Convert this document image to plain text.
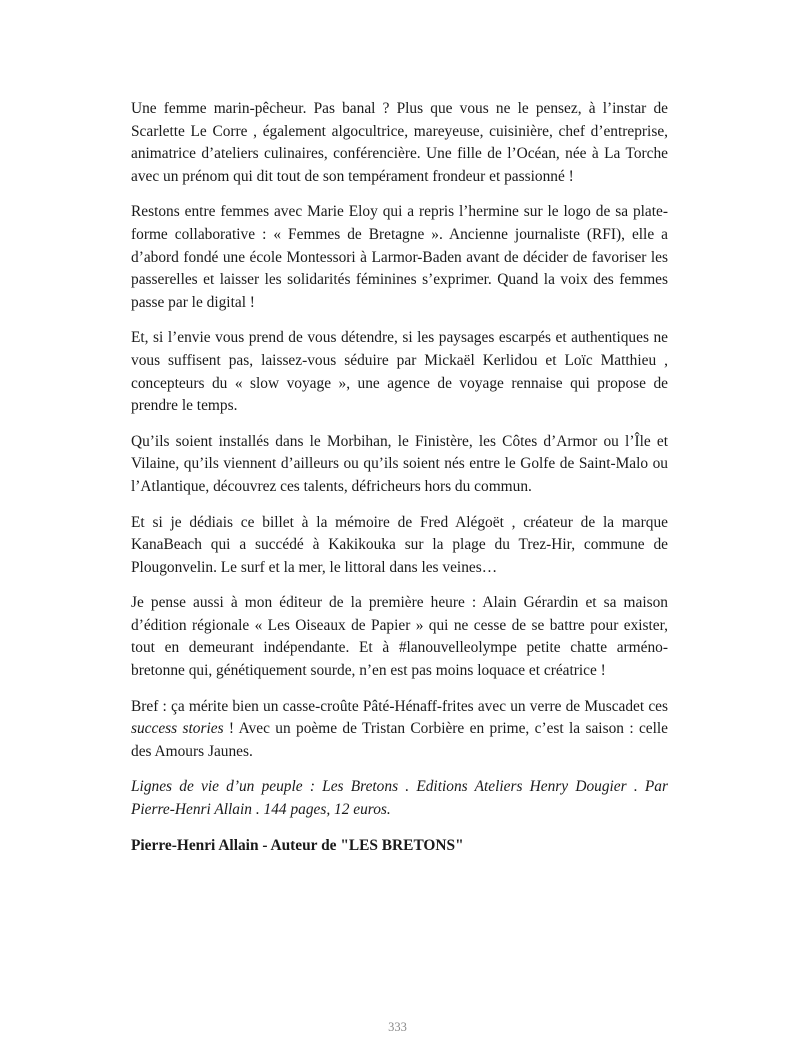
Une femme marin-pêcheur. Pas banal ? Plus que vous ne le pensez, à l’instar de Scarlette Le Corre , également algocultrice, mareyeuse, cuisinière, chef d’entreprise, animatrice d’ateliers culinaires, conférencière. Une fille de l’Océan, née à La Torche avec un prénom qui dit tout de son tempérament frondeur et passionné !

Restons entre femmes avec Marie Eloy qui a repris l’hermine sur le logo de sa plate-forme collaborative : « Femmes de Bretagne ». Ancienne journaliste (RFI), elle a d’abord fondé une école Montessori à Larmor-Baden avant de décider de favoriser les passerelles et laisser les solidarités féminines s’exprimer. Quand la voix des femmes passe par le digital !

Et, si l’envie vous prend de vous détendre, si les paysages escarpés et authentiques ne vous suffisent pas, laissez-vous séduire par Mickaël Kerlidou et Loïc Matthieu , concepteurs du « slow voyage », une agence de voyage rennaise qui propose de prendre le temps.

Qu’ils soient installés dans le Morbihan, le Finistère, les Côtes d’Armor ou l’Île et Vilaine, qu’ils viennent d’ailleurs ou qu’ils soient nés entre le Golfe de Saint-Malo ou l’Atlantique, découvrez ces talents, défricheurs hors du commun.

Et si je dédiais ce billet à la mémoire de Fred Alégoët , créateur de la marque KanaBeach qui a succédé à Kakikouka sur la plage du Trez-Hir, commune de Plougonvelin. Le surf et la mer, le littoral dans les veines…

Je pense aussi à mon éditeur de la première heure : Alain Gérardin et sa maison d’édition régionale « Les Oiseaux de Papier » qui ne cesse de se battre pour exister, tout en demeurant indépendante. Et à #lanouvelleolympe petite chatte arméno-bretonne qui, génétiquement sourde, n’en est pas moins loquace et créatrice !

Bref : ça mérite bien un casse-croûte Pâté-Hénaff-frites avec un verre de Muscadet ces success stories ! Avec un poème de Tristan Corbière en prime, c’est la saison : celle des Amours Jaunes.

Lignes de vie d’un peuple : Les Bretons . Editions Ateliers Henry Dougier . Par Pierre-Henri Allain . 144 pages, 12 euros.

Pierre-Henri Allain - Auteur de "LES BRETONS"

333
